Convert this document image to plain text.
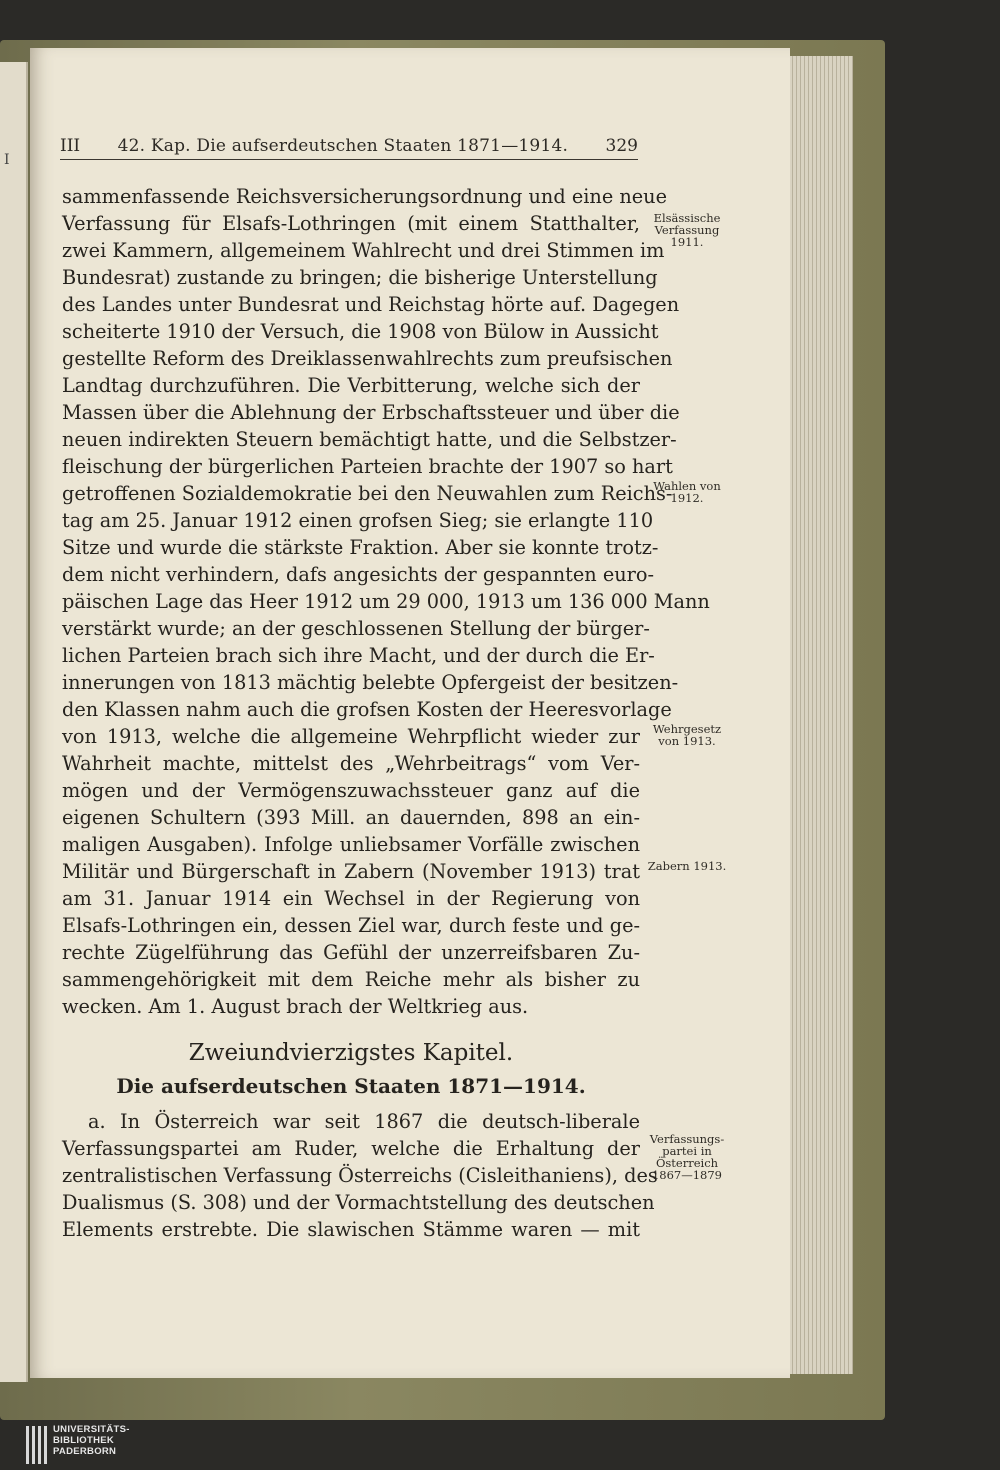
I
III 42. Kap. Die aufserdeutschen Staaten 1871—1914. 329
sammenfassende Reichsversicherungsordnung und eine neue
Verfassung für Elsafs-Lothringen (mit einem Statthalter,
zwei Kammern, allgemeinem Wahlrecht und drei Stimmen im
Bundesrat) zustande zu bringen; die bisherige Unterstellung
des Landes unter Bundesrat und Reichstag hörte auf. Dagegen
scheiterte 1910 der Versuch, die 1908 von Bülow in Aussicht
gestellte Reform des Dreiklassenwahlrechts zum preufsischen
Landtag durchzuführen. Die Verbitterung, welche sich der
Massen über die Ablehnung der Erbschaftssteuer und über die
neuen indirekten Steuern bemächtigt hatte, und die Selbstzer-
fleischung der bürgerlichen Parteien brachte der 1907 so hart
getroffenen Sozialdemokratie bei den Neuwahlen zum Reichs-
tag am 25. Januar 1912 einen grofsen Sieg; sie erlangte 110
Sitze und wurde die stärkste Fraktion. Aber sie konnte trotz-
dem nicht verhindern, dafs angesichts der gespannten euro-
päischen Lage das Heer 1912 um 29 000, 1913 um 136 000 Mann
verstärkt wurde; an der geschlossenen Stellung der bürger-
lichen Parteien brach sich ihre Macht, und der durch die Er-
innerungen von 1813 mächtig belebte Opfergeist der besitzen-
den Klassen nahm auch die grofsen Kosten der Heeresvorlage
von 1913, welche die allgemeine Wehrpflicht wieder zur
Wahrheit machte, mittelst des „Wehrbeitrags“ vom Ver-
mögen und der Vermögenszuwachssteuer ganz auf die
eigenen Schultern (393 Mill. an dauernden, 898 an ein-
maligen Ausgaben). Infolge unliebsamer Vorfälle zwischen
Militär und Bürgerschaft in Zabern (November 1913) trat
am 31. Januar 1914 ein Wechsel in der Regierung von
Elsafs-Lothringen ein, dessen Ziel war, durch feste und ge-
rechte Zügelführung das Gefühl der unzerreifsbaren Zu-
sammengehörigkeit mit dem Reiche mehr als bisher zu
wecken. Am 1. August brach der Weltkrieg aus.
Elsässische
Verfassung
1911.
Wahlen von
1912.
Wehrgesetz
von 1913.
Zabern 1913.
Verfassungs-
partei in
Österreich
1867—1879
Zweiundvierzigstes Kapitel.
Die aufserdeutschen Staaten 1871—1914.
a. In Österreich war seit 1867 die deutsch-liberale
Verfassungspartei am Ruder, welche die Erhaltung der
zentralistischen Verfassung Österreichs (Cisleithaniens), des
Dualismus (S. 308) und der Vormachtstellung des deutschen
Elements erstrebte. Die slawischen Stämme waren — mit
UNIVERSITÄTS-
BIBLIOTHEK
PADERBORN
